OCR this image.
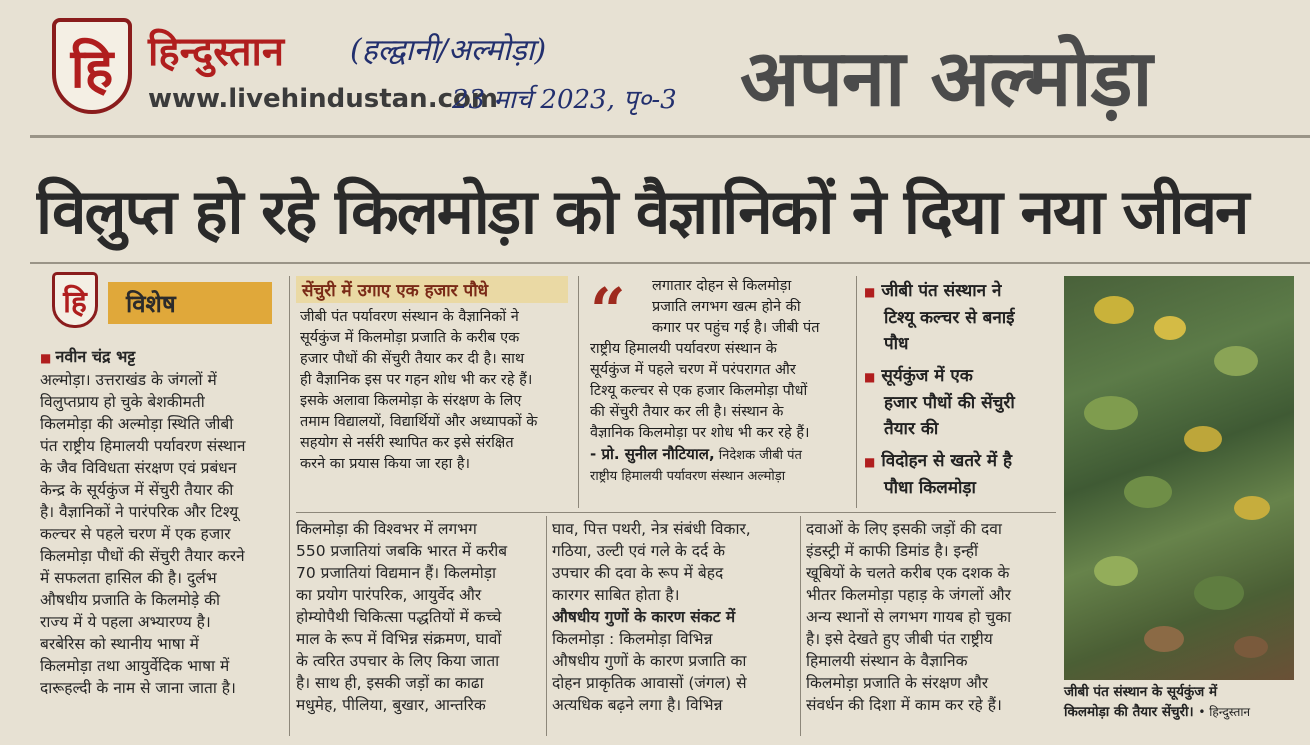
हि हिन्दुस्तान (हल्द्वानी/अल्मोड़ा)
www.livehindustan.com
23 मार्च 2023, पृ०-3 अपना अल्मोड़ा
विलुप्त हो रहे किलमोड़ा को वैज्ञानिकों ने दिया नया जीवन
हि	विशेष

■ नवीन चंद्र भट्ट

अल्मोड़ा। उत्तराखंड के जंगलों में

विलुप्तप्राय हो चुके बेशकीमती

किलमोड़ा की अल्मोड़ा स्थिति जीबी

पंत राष्ट्रीय हिमालयी पर्यावरण संस्थान

के जैव विविधता संरक्षण एवं प्रबंधन

केन्द्र के सूर्यकुंज में सेंचुरी तैयार की

है। वैज्ञानिकों ने पारंपरिक और टिश्यू

कल्चर से पहले चरण में एक हजार

किलमोड़ा पौधों की सेंचुरी तैयार करने

में सफलता हासिल की है। दुर्लभ

औषधीय प्रजाति के किलमोड़े की

राज्य में ये पहला अभ्यारण्य है।

बरबेरिस को स्थानीय भाषा में

किलमोड़ा तथा आयुर्वेदिक भाषा में

दारूहल्दी के नाम से जाना जाता है।

सेंचुरी में उगाए एक हजार पौधे

जीबी पंत पर्यावरण संस्थान के वैज्ञानिकों ने

सूर्यकुंज में किलमोड़ा प्रजाति के करीब एक

हजार पौधों की सेंचुरी तैयार कर दी है। साथ

ही वैज्ञानिक इस पर गहन शोध भी कर रहे हैं।

इसके अलावा किलमोड़ा के संरक्षण के लिए

तमाम विद्यालयों, विद्यार्थियों और अध्यापकों के

सहयोग से नर्सरी स्थापित कर इसे संरक्षित

करने का प्रयास किया जा रहा है।

लगातार दोहन से किलमोड़ा

प्रजाति लगभग खत्म होने की

कगार पर पहुंच गई है। जीबी पंत

राष्ट्रीय हिमालयी पर्यावरण संस्थान के

सूर्यकुंज में पहले चरण में परंपरागत और

टिश्यू कल्चर से एक हजार किलमोड़ा पौधों

की सेंचुरी तैयार कर ली है। संस्थान के

वैज्ञानिक किलमोड़ा पर शोध भी कर रहे हैं।

- प्रो. सुनील नौटियाल, निदेशक जीबी पंत

राष्ट्रीय हिमालयी पर्यावरण संस्थान अल्मोड़ा

“	■ जीबी पंत संस्थान ने
टिश्यू कल्चर से बनाई
पौध
■ सूर्यकुंज में एक
हजार पौधों की सेंचुरी
तैयार की
■ विदोहन से खतरे में है
पौधा किलमोड़ा

किलमोड़ा की विश्वभर में लगभग

550 प्रजातियां जबकि भारत में करीब

70 प्रजातियां विद्यमान हैं। किलमोड़ा

का प्रयोग पारंपरिक, आयुर्वेद और

होम्योपैथी चिकित्सा पद्धतियों में कच्चे

माल के रूप में विभिन्न संक्रमण, घावों

के त्वरित उपचार के लिए किया जाता

है। साथ ही, इसकी जड़ों का काढा

मधुमेह, पीलिया, बुखार, आन्तरिक

घाव, पित्त पथरी, नेत्र संबंधी विकार,

गठिया, उल्टी एवं गले के दर्द के

उपचार की दवा के रूप में बेहद

कारगर साबित होता है।

औषधीय गुणों के कारण संकट में

किलमोड़ा : किलमोड़ा विभिन्न

औषधीय गुणों के कारण प्रजाति का

दोहन प्राकृतिक आवासों (जंगल) से

अत्यधिक बढ़ने लगा है। विभिन्न

दवाओं के लिए इसकी जड़ों की दवा

इंडस्ट्री में काफी डिमांड है। इन्हीं

खूबियों के चलते करीब एक दशक के

भीतर किलमोड़ा पहाड़ के जंगलों और

अन्य स्थानों से लगभग गायब हो चुका

है। इसे देखते हुए जीबी पंत राष्ट्रीय

हिमालयी संस्थान के वैज्ञानिक

किलमोड़ा प्रजाति के संरक्षण और

संवर्धन की दिशा में काम कर रहे हैं।

जीबी पंत संस्थान के सूर्यकुंज में
किलमोड़ा की तैयार सेंचुरी। • हिन्दुस्तान
